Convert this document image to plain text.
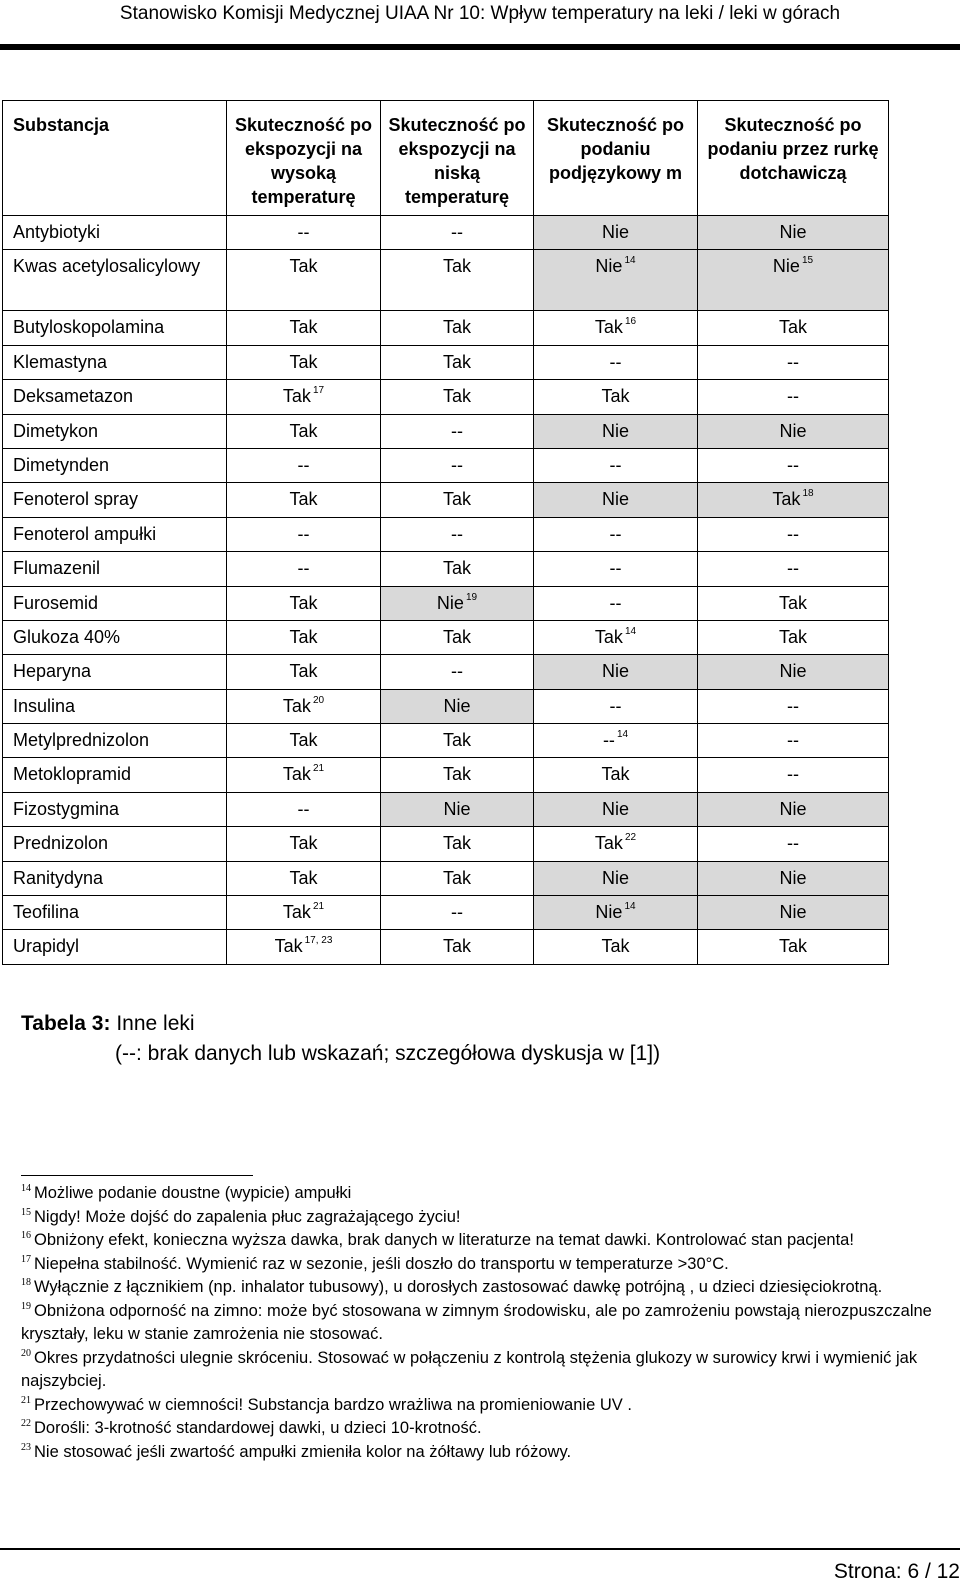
Stanowisko Komisji Medycznej UIAA Nr 10: Wpływ temperatury na leki / leki w górach
Substancja	Skuteczność po ekspozycji na wysoką temperaturę	Skuteczność po ekspozycji na niską temperaturę	Skuteczność po podaniu podjęzykowy m	Skuteczność po podaniu przez rurkę dotchawiczą
Antybiotyki	--	--	Nie	Nie
Kwas acetylosalicylowy	Tak	Tak	Nie $^{14}$	Nie $^{15}$
Butyloskopolamina	Tak	Tak	Tak $^{16}$	Tak
Klemastyna	Tak	Tak	--	--
Deksametazon	Tak $^{17}$	Tak	Tak	--
Dimetykon	Tak	--	Nie	Nie
Dimetynden	--	--	--	--
Fenoterol spray	Tak	Tak	Nie	Tak $^{18}$
Fenoterol ampułki	--	--	--	--
Flumazenil	--	Tak	--	--
Furosemid	Tak	Nie $^{19}$	--	Tak
Glukoza 40%	Tak	Tak	Tak $^{14}$	Tak
Heparyna	Tak	--	Nie	Nie
Insulina	Tak $^{20}$	Nie	--	--
Metylprednizolon	Tak	Tak	-- $^{14}$	--
Metoklopramid	Tak $^{21}$	Tak	Tak	--
Fizostygmina	--	Nie	Nie	Nie
Prednizolon	Tak	Tak	Tak $^{22}$	--
Ranitydyna	Tak	Tak	Nie	Nie
Teofilina	Tak $^{21}$	--	Nie $^{14}$	Nie
Urapidyl	Tak $^{17, 23}$	Tak	Tak	Tak
Tabela 3: Inne leki
(--: brak danych lub wskazań; szczegółowa dyskusja w [1])

$^{14}$ Możliwe podanie doustne (wypicie) ampułki

$^{15}$ Nigdy! Może dojść do zapalenia płuc zagrażającego życiu!

$^{16}$ Obniżony efekt, konieczna wyższa dawka, brak danych w literaturze na temat dawki. Kontrolować stan pacjenta!

$^{17}$ Niepełna stabilność. Wymienić raz w sezonie, jeśli doszło do transportu w temperaturze >30°C.

$^{18}$ Wyłącznie z łącznikiem (np. inhalator tubusowy), u dorosłych zastosować dawkę potrójną , u dzieci dziesięciokrotną.

$^{19}$ Obniżona odporność na zimno: może być stosowana w zimnym środowisku, ale po zamrożeniu powstają nierozpuszczalne kryształy, leku w stanie zamrożenia nie stosować.

$^{20}$ Okres przydatności ulegnie skróceniu. Stosować w połączeniu z kontrolą stężenia glukozy w surowicy krwi i wymienić jak najszybciej.

$^{21}$ Przechowywać w ciemności! Substancja bardzo wrażliwa na promieniowanie UV .

$^{22}$ Dorośli: 3-krotność standardowej dawki, u dzieci 10-krotność.

$^{23}$ Nie stosować jeśli zwartość ampułki zmieniła kolor na żółtawy lub różowy.

Strona: 6 / 12
